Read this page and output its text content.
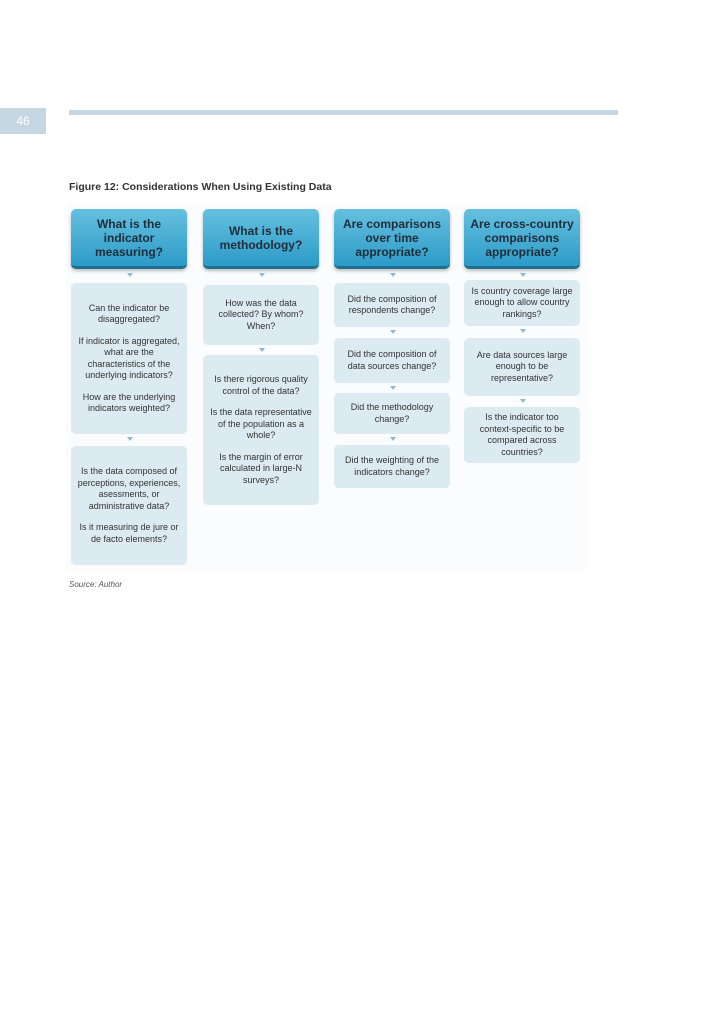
46
Figure 12: Considerations When Using Existing Data
What is the indicator measuring?
Can the indicator be disaggregated?
If indicator is aggregated, what are the characteristics of the underlying indicators?
How are the underlying indicators weighted?
Is the data composed of perceptions, experiences, asessments, or administrative data?
Is it measuring de jure or de facto elements?
What is the methodology?
How was the data collected? By whom? When?
Is there rigorous quality control of the data?
Is the data representative of the population as a whole?
Is the margin of error calculated in large-N surveys?
Are comparisons over time appropriate?
Did the composition of respondents change?
Did the composition of data sources change?
Did the methodology change?
Did the weighting of the indicators change?
Are cross-country comparisons appropriate?
Is country coverage large enough to allow country rankings?
Are data sources large enough to be representative?
Is the indicator too context-specific to be compared across countries?
Source: Author
